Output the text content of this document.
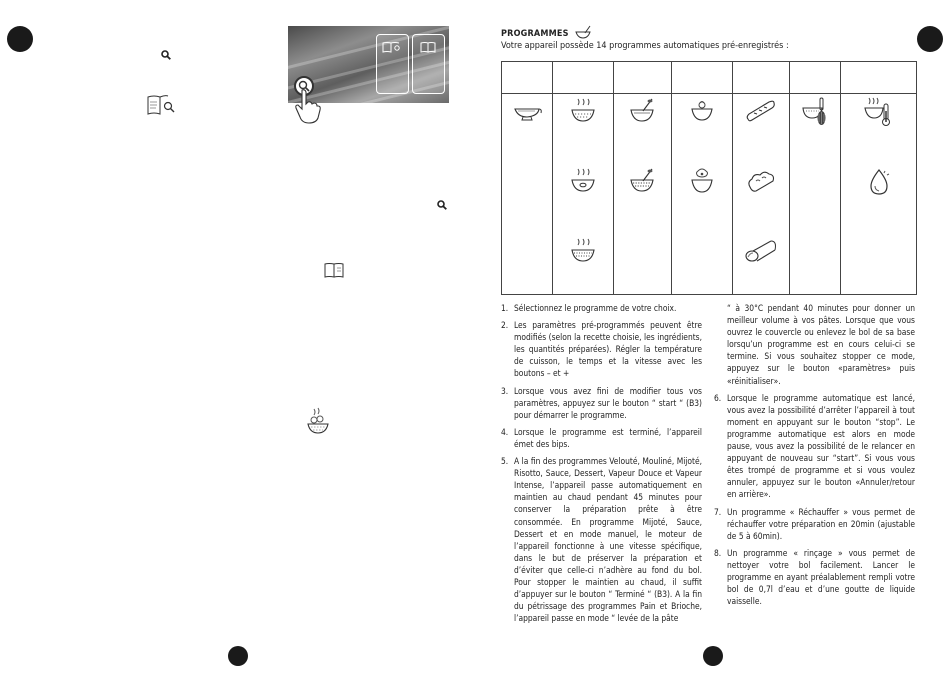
PROGRAMMES
Votre appareil possède 14 programmes automatiques pré-enregistrés :

1. Sélectionnez le programme de votre choix.
2. Les paramètres pré-programmés peuvent être modifiés (selon la recette choisie, les ingrédients, les quantités préparées). Régler la température de cuisson, le temps et la vitesse avec les boutons – et +
3. Lorsque vous avez fini de modifier tous vos paramètres, appuyez sur le bouton “ start “ (B3) pour démarrer le programme.
4. Lorsque le programme est terminé, l’appareil émet des bips.
5. A la fin des programmes Velouté, Mouliné, Mijoté, Risotto, Sauce, Dessert, Vapeur Douce et Vapeur Intense, l’appareil passe automatiquement en maintien au chaud pendant 45 minutes pour conserver la préparation prête à être consommée. En programme Mijoté, Sauce, Dessert et en mode manuel, le moteur de l’appareil fonctionne à une vitesse spécifique, dans le but de préserver la préparation et d’éviter que celle-ci n’adhère au fond du bol. Pour stopper le maintien au chaud, il suffit d’appuyer sur le bouton “ Terminé “ (B3). A la fin du pétrissage des programmes Pain et Brioche, l’appareil passe en mode “ levée de la pâte

“ à 30°C pendant 40 minutes pour donner un meilleur volume à vos pâtes. Lorsque que vous ouvrez le couvercle ou enlevez le bol de sa base lorsqu’un programme est en cours celui-ci se termine. Si vous souhaitez stopper ce mode, appuyez sur le bouton «paramètres» puis «réinitialiser».

6. Lorsque le programme automatique est lancé, vous avez la possibilité d’arrêter l’appareil à tout moment en appuyant sur le bouton “stop”. Le programme automatique est alors en mode pause, vous avez la possibilité de le relancer en appuyant de nouveau sur “start”. Si vous vous êtes trompé de programme et si vous voulez annuler, appuyez sur le bouton «Annuler/retour en arrière».
7. Un programme « Réchauffer » vous permet de réchauffer votre préparation en 20min (ajustable de 5 à 60min).
8. Un programme « rinçage » vous permet de nettoyer votre bol facilement. Lancer le programme en ayant préalablement rempli votre bol de 0,7l d’eau et d’une goutte de liquide vaisselle.
